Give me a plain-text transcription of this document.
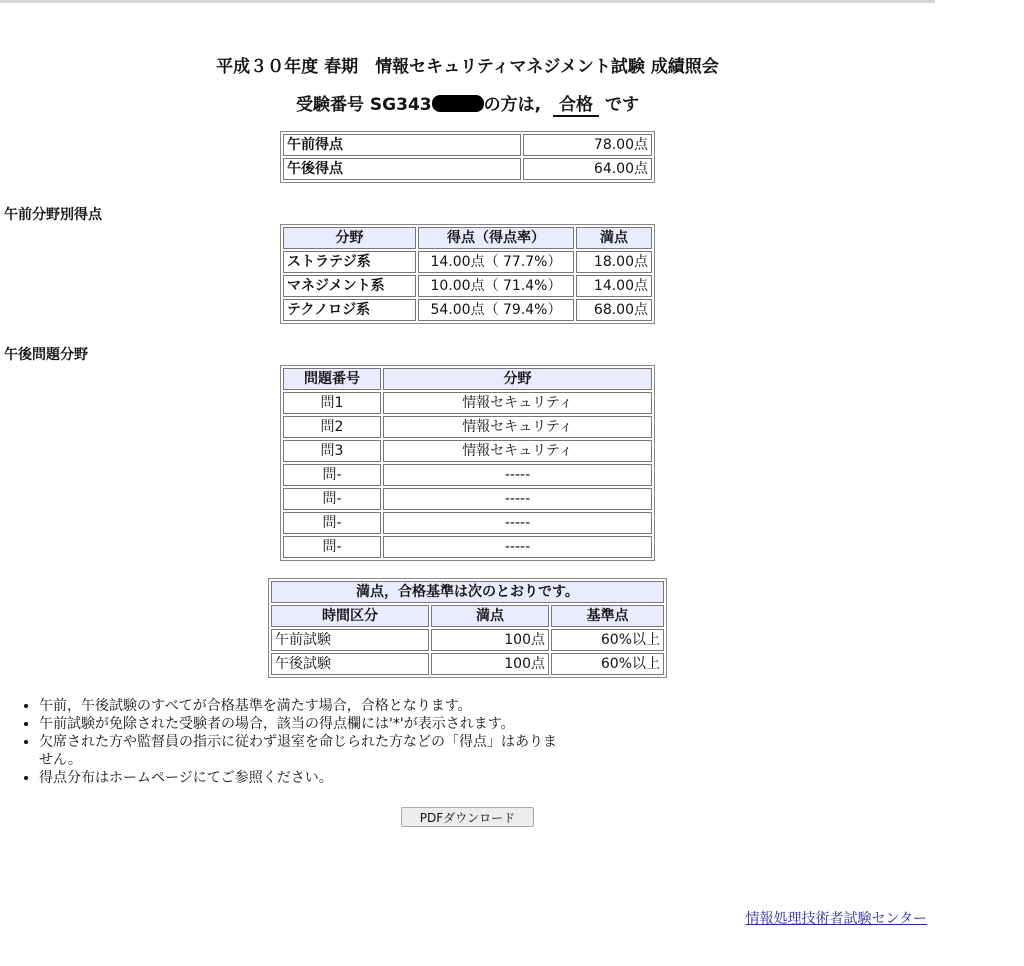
平成３０年度 春期　情報セキュリティマネジメント試験 成績照会
受験番号 SG343	の方は, 合格 です
午前得点	78.00点
午後得点	64.00点
午前分野別得点
分野	得点（得点率）	満点
ストラテジ系	14.00点（ 77.7%）	18.00点
マネジメント系	10.00点（ 71.4%）	14.00点
テクノロジ系	54.00点（ 79.4%）	68.00点
午後問題分野
問題番号	分野
問1	情報セキュリティ
問2	情報セキュリティ
問3	情報セキュリティ
問-	-----
問-	-----
問-	-----
問-	-----
満点，合格基準は次のとおりです。		
時間区分	満点	基準点
午前試験	100点	60%以上
午後試験	100点	60%以上
• 午前，午後試験のすべてが合格基準を満たす場合，合格となります。
• 午前試験が免除された受験者の場合，該当の得点欄には'*'が表示されます。
• 欠席された方や監督員の指示に従わず退室を命じられた方などの「得点」はありません。
• 得点分布はホームページにてご参照ください。
PDFダウンロード
情報処理技術者試験センター
